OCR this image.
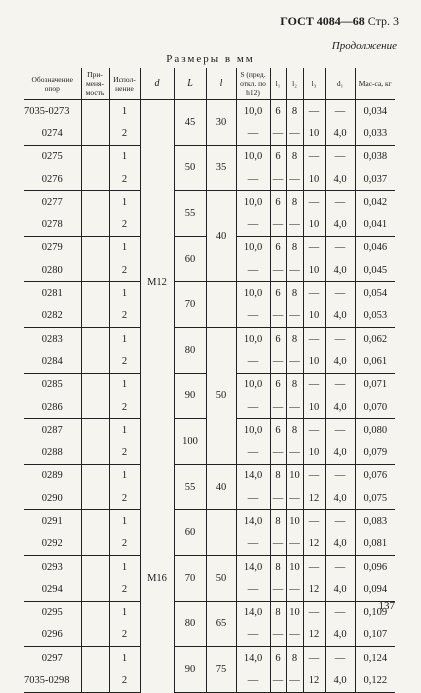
ГОСТ 4084—68 Стр. 3
Продолжение
Размеры в мм
Обозначение опор	При-меня-мость	Испол-нение	d	L	l	S (пред. откл. по h12)	l₁	l₂	l₃	d₁	Мас-са, кг
7035-0273		1	M12	45	30	10,0	6	8	—	—	0,034
0274		2				—	—	—	10	4,0	0,033
0275		1		50	35	10,0	6	8	—	—	0,038
0276		2				—	—	—	10	4,0	0,037
0277		1		55	40	10,0	6	8	—	—	0,042
0278		2				—	—	—	10	4,0	0,041
0279		1		60		10,0	6	8	—	—	0,046
0280		2				—	—	—	10	4,0	0,045
0281		1		70		10,0	6	8	—	—	0,054
0282		2				—	—	—	10	4,0	0,053
0283		1		80	50	10,0	6	8	—	—	0,062
0284		2				—	—	—	10	4,0	0,061
0285		1		90		10,0	6	8	—	—	0,071
0286		2				—	—	—	10	4,0	0,070
0287		1		100		10,0	6	8	—	—	0,080
0288		2				—	—	—	10	4,0	0,079
0289		1	M16	55	40	14,0	8	10	—	—	0,076
0290		2				—	—	—	12	4,0	0,075
0291		1		60		14,0	8	10	—	—	0,083
0292		2				—	—	—	12	4,0	0,081
0293		1		70	50	14,0	8	10	—	—	0,096
0294		2				—	—	—	12	4,0	0,094
0295		1		80	65	14,0	8	10	—	—	0,109
0296		2				—	—	—	12	4,0	0,107
0297		1		90	75	14,0	6	8	—	—	0,124
7035-0298		2				—	—	—	12	4,0	0,122
137
